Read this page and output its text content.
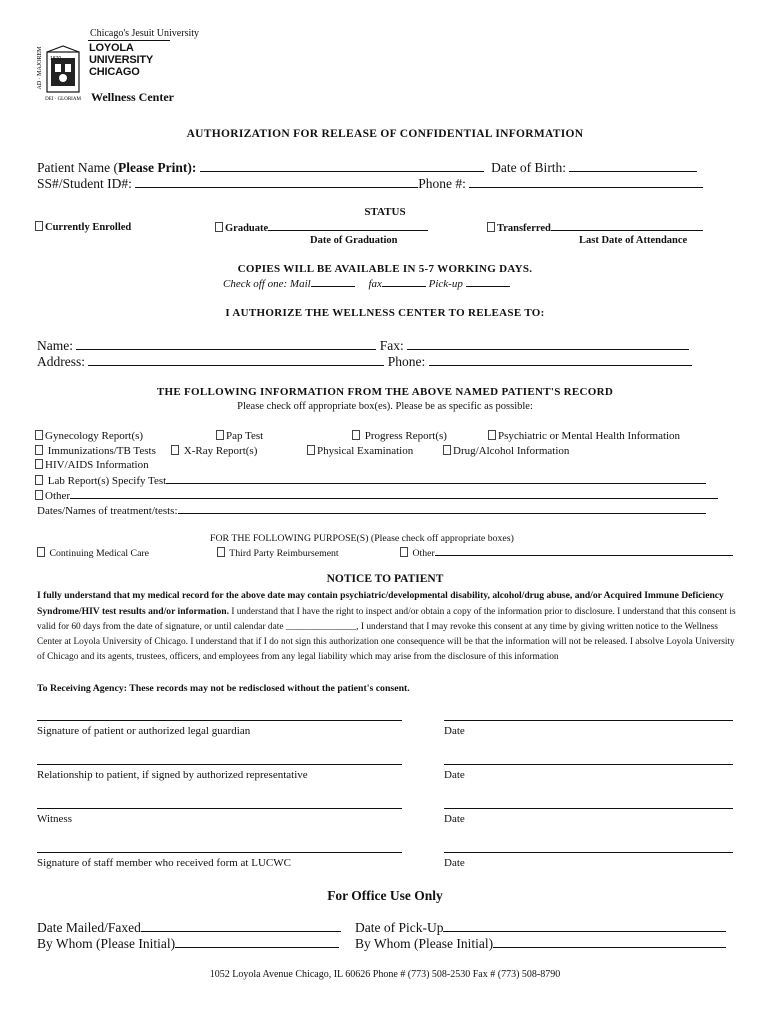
AD · MAJOREM 1870
DEI · GLORIAM
Chicago's Jesuit University
LOYOLA
UNIVERSITY
CHICAGO
Wellness Center
AUTHORIZATION FOR RELEASE OF CONFIDENTIAL INFORMATION
Patient Name (Please Print):	Date of Birth:
SS#/Student ID#:	Phone #:
STATUS
Currently Enrolled	Graduate	Transferred
Date of Graduation	Last Date of Attendance
COPIES WILL BE AVAILABLE IN 5-7 WORKING DAYS.
Check off one: Mail	fax	Pick-up
I AUTHORIZE THE WELLNESS CENTER TO RELEASE TO:
Name:	Fax:
Address:	Phone:
THE FOLLOWING INFORMATION FROM THE ABOVE NAMED PATIENT'S RECORD
Please check off appropriate box(es). Please be as specific as possible:
Gynecology Report(s)	Pap Test	Progress Report(s)	Psychiatric or Mental Health Information
Immunizations/TB Tests	X-Ray Report(s)	Physical Examination	Drug/Alcohol Information
HIV/AIDS Information
Lab Report(s) Specify Test
Other
Dates/Names of treatment/tests:
FOR THE FOLLOWING PURPOSE(S) (Please check off appropriate boxes)
Continuing Medical Care	Third Party Reimbursement	Other
NOTICE TO PATIENT
I fully understand that my medical record for the above date may contain psychiatric/developmental disability, alcohol/drug abuse, and/or Acquired Immune Deficiency Syndrome/HIV test results and/or information. I understand that I have the right to inspect and/or obtain a copy of the information prior to disclosure. I understand that this consent is valid for 60 days from the date of signature, or until calendar date _______________, I understand that I may revoke this consent at any time by giving written notice to the Wellness Center at Loyola University of Chicago. I understand that if I do not sign this authorization one consequence will be that the information will not be released. I absolve Loyola University of Chicago and its agents, trustees, officers, and employees from any legal liability which may arise from the disclosure of this information
To Receiving Agency: These records may not be redisclosed without the patient's consent.
Signature of patient or authorized legal guardian	Date
Relationship to patient, if signed by authorized representative	Date
Witness	Date
Signature of staff member who received form at LUCWC	Date
For Office Use Only
Date Mailed/Faxed	Date of Pick-Up
By Whom (Please Initial)	By Whom (Please Initial)
1052 Loyola Avenue Chicago, IL 60626 Phone # (773) 508-2530 Fax # (773) 508-8790
